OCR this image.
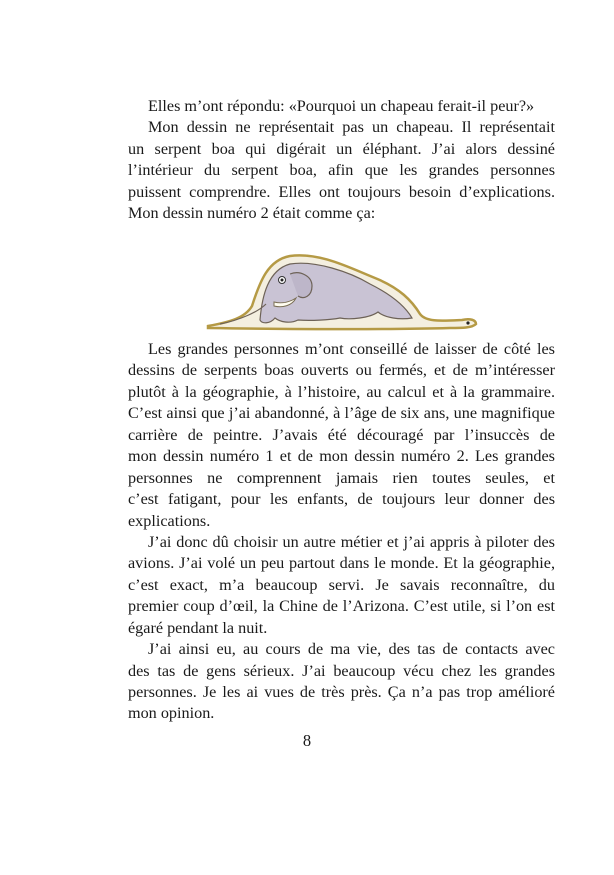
Elles m’ont répondu: «Pourquoi un chapeau ferait-il peur?»
Mon dessin ne représentait pas un chapeau. Il représentait
un serpent boa qui digérait un éléphant. J’ai alors dessiné
l’intérieur du serpent boa, afin que les grandes personnes
puissent comprendre. Elles ont toujours besoin d’explications.
Mon dessin numéro 2 était comme ça:
Les grandes personnes m’ont conseillé de laisser de côté les
dessins de serpents boas ouverts ou fermés, et de m’intéresser
plutôt à la géographie, à l’histoire, au calcul et à la grammaire.
C’est ainsi que j’ai abandonné, à l’âge de six ans, une magnifique
carrière de peintre. J’avais été découragé par l’insuccès de
mon dessin numéro 1 et de mon dessin numéro 2. Les grandes
personnes ne comprennent jamais rien toutes seules, et
c’est fatigant, pour les enfants, de toujours leur donner des
explications.
J’ai donc dû choisir un autre métier et j’ai appris à piloter des
avions. J’ai volé un peu partout dans le monde. Et la géographie,
c’est exact, m’a beaucoup servi. Je savais reconnaître, du
premier coup d’œil, la Chine de l’Arizona. C’est utile, si l’on est
égaré pendant la nuit.
J’ai ainsi eu, au cours de ma vie, des tas de contacts avec
des tas de gens sérieux. J’ai beaucoup vécu chez les grandes
personnes. Je les ai vues de très près. Ça n’a pas trop amélioré
mon opinion.
8
